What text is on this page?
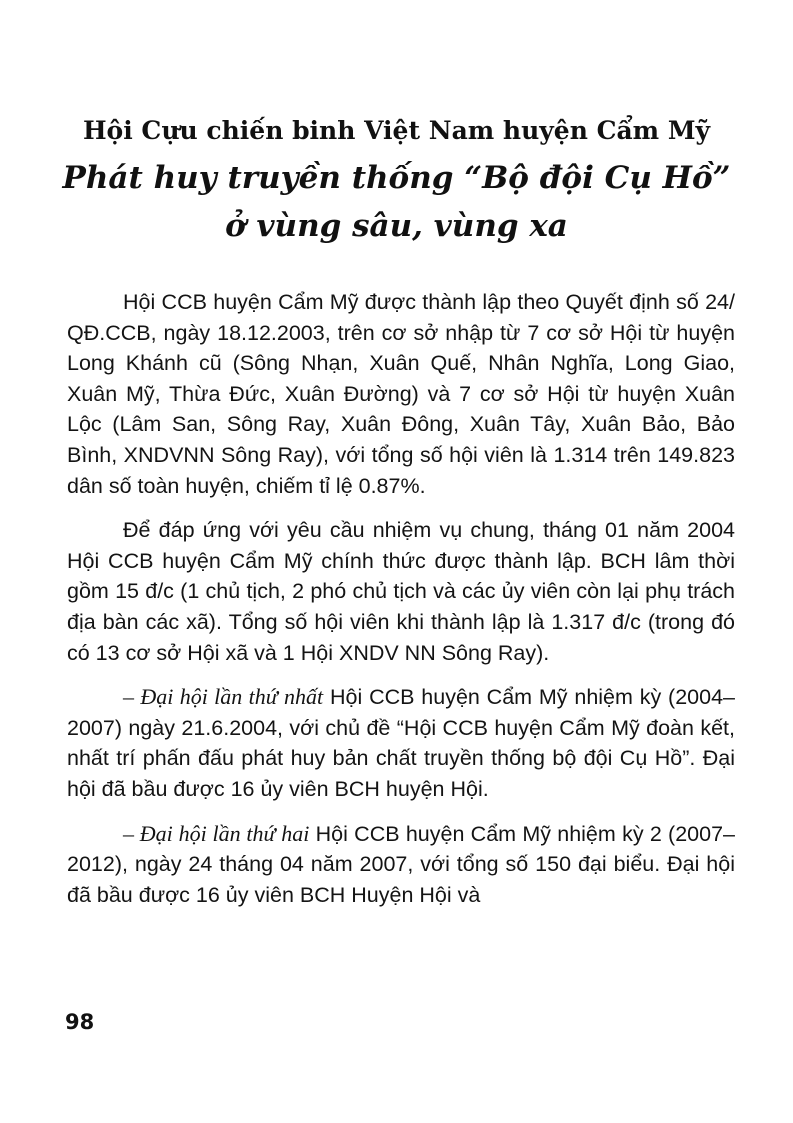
Hội Cựu chiến binh Việt Nam huyện Cẩm Mỹ
Phát huy truyền thống “Bộ đội Cụ Hồ”
ở vùng sâu, vùng xa

Hội CCB huyện Cẩm Mỹ được thành lập theo Quyết định số 24/ QĐ.CCB, ngày 18.12.2003, trên cơ sở nhập từ 7 cơ sở Hội từ huyện Long Khánh cũ (Sông Nhạn, Xuân Quế, Nhân Nghĩa, Long Giao, Xuân Mỹ, Thừa Đức, Xuân Đường) và 7 cơ sở Hội từ huyện Xuân Lộc (Lâm San, Sông Ray, Xuân Đông, Xuân Tây, Xuân Bảo, Bảo Bình, XNDVNN Sông Ray), với tổng số hội viên là 1.314 trên 149.823 dân số toàn huyện, chiếm tỉ lệ 0.87%.

Để đáp ứng với yêu cầu nhiệm vụ chung, tháng 01 năm 2004 Hội CCB huyện Cẩm Mỹ chính thức được thành lập. BCH lâm thời gồm 15 đ/c (1 chủ tịch, 2 phó chủ tịch và các ủy viên còn lại phụ trách địa bàn các xã). Tổng số hội viên khi thành lập là 1.317 đ/c (trong đó có 13 cơ sở Hội xã và 1 Hội XNDV NN Sông Ray).

– Đại hội lần thứ nhất Hội CCB huyện Cẩm Mỹ nhiệm kỳ (2004–2007) ngày 21.6.2004, với chủ đề “Hội CCB huyện Cẩm Mỹ đoàn kết, nhất trí phấn đấu phát huy bản chất truyền thống bộ đội Cụ Hồ”. Đại hội đã bầu được 16 ủy viên BCH huyện Hội.

– Đại hội lần thứ hai Hội CCB huyện Cẩm Mỹ nhiệm kỳ 2 (2007–2012), ngày 24 tháng 04 năm 2007, với tổng số 150 đại biểu. Đại hội đã bầu được 16 ủy viên BCH Huyện Hội và

98
